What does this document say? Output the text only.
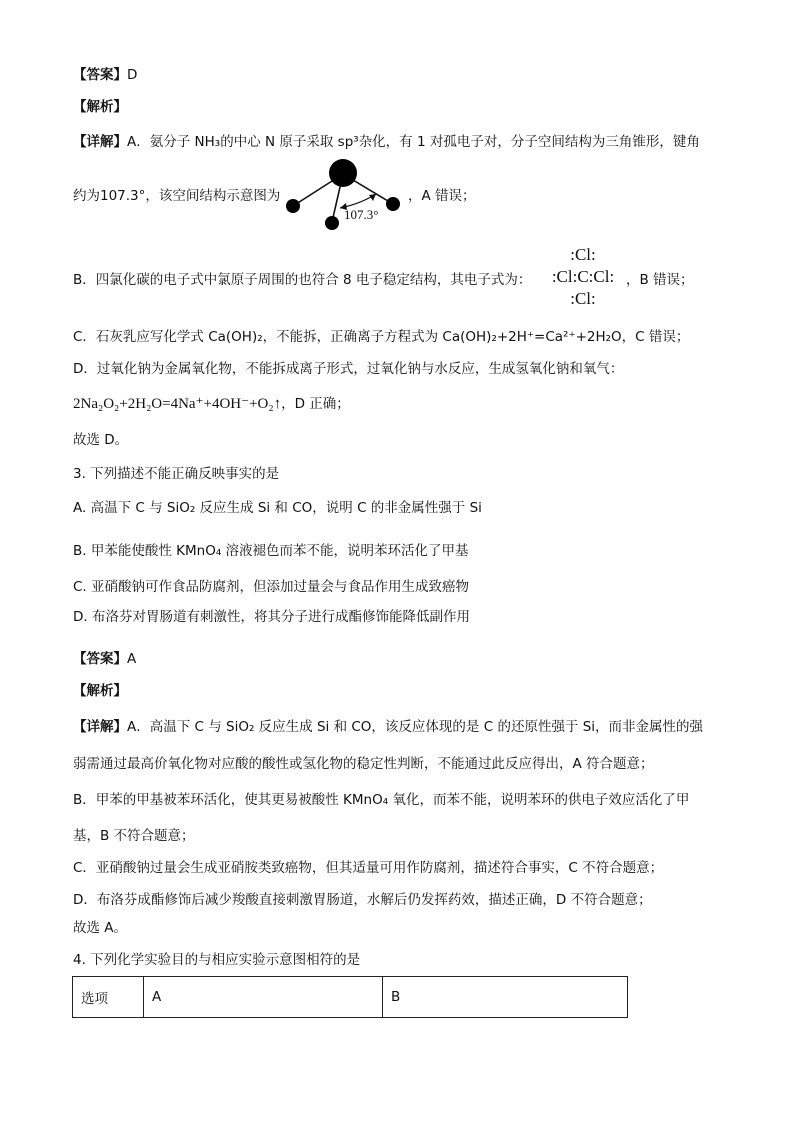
【答案】D
【解析】
【详解】A．氨分子 NH₃的中心 N 原子采取 sp³杂化，有 1 对孤电子对，分子空间结构为三角锥形，键角
约为107.3°，该空间结构示意图为
107.3°
，A 错误；
B．四氯化碳的电子式中氯原子周围的也符合 8 电子稳定结构，其电子式为：
:Cl:
:Cl:C:Cl:
:Cl:
，B 错误；
C．石灰乳应写化学式 Ca(OH)₂，不能拆，正确离子方程式为 Ca(OH)₂+2H⁺=Ca²⁺+2H₂O，C 错误；
D．过氧化钠为金属氧化物，不能拆成离子形式，过氧化钠与水反应，生成氢氧化钠和氧气：
2Na₂O₂+2H₂O=4Na⁺+4OH⁻+O₂↑，D 正确；
故选 D。
3. 下列描述不能正确反映事实的是
A. 高温下 C 与 SiO₂ 反应生成 Si 和 CO，说明 C 的非金属性强于 Si
B. 甲苯能使酸性 KMnO₄ 溶液褪色而苯不能，说明苯环活化了甲基
C. 亚硝酸钠可作食品防腐剂，但添加过量会与食品作用生成致癌物
D. 布洛芬对胃肠道有刺激性，将其分子进行成酯修饰能降低副作用
【答案】A
【解析】
【详解】A．高温下 C 与 SiO₂ 反应生成 Si 和 CO，该反应体现的是 C 的还原性强于 Si，而非金属性的强
弱需通过最高价氧化物对应酸的酸性或氢化物的稳定性判断，不能通过此反应得出，A 符合题意；
B．甲苯的甲基被苯环活化，使其更易被酸性 KMnO₄ 氧化，而苯不能，说明苯环的供电子效应活化了甲
基，B 不符合题意；
C．亚硝酸钠过量会生成亚硝胺类致癌物，但其适量可用作防腐剂，描述符合事实，C 不符合题意；
D．布洛芬成酯修饰后减少羧酸直接刺激胃肠道，水解后仍发挥药效，描述正确，D 不符合题意；
故选 A。
4. 下列化学实验目的与相应实验示意图相符的是
选项	A	B
